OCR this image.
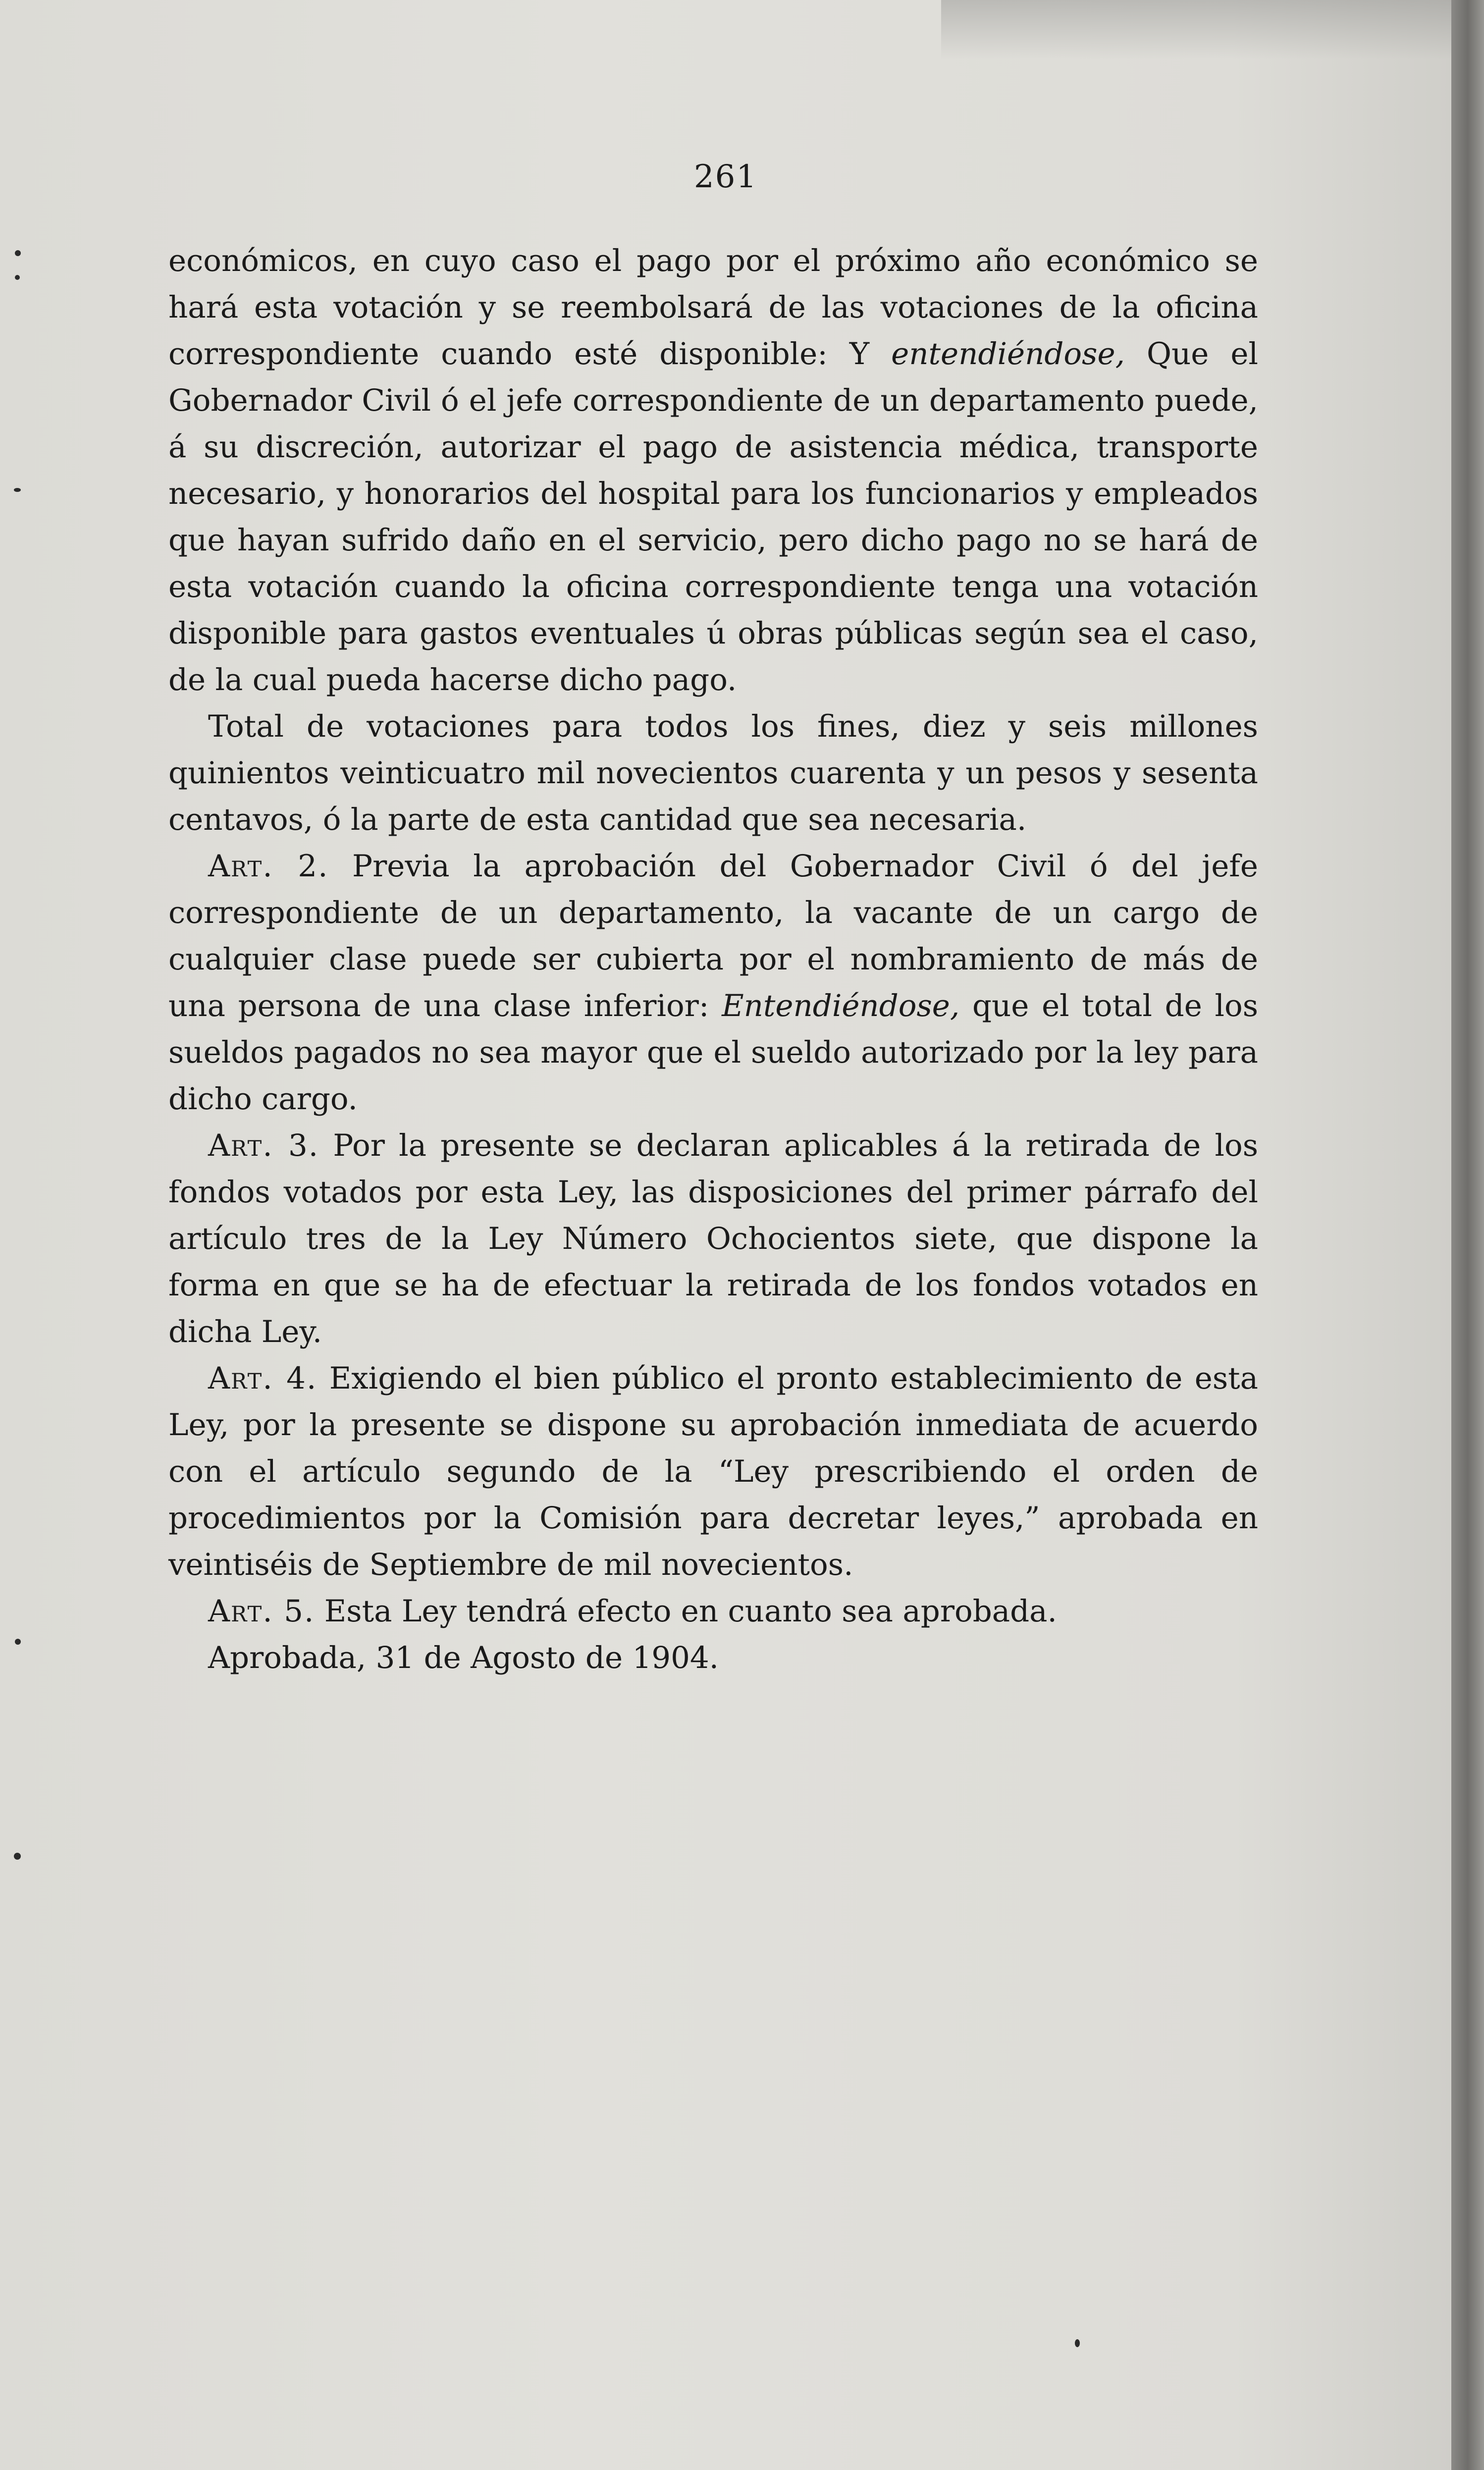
261

económicos, en cuyo caso el pago por el próximo año económico se hará esta votación y se reembolsará de las votaciones de la oficina correspondiente cuando esté disponible: Y entendiéndose, Que el Gobernador Civil ó el jefe correspondiente de un departamento puede, á su discreción, autorizar el pago de asistencia médica, transporte necesario, y honorarios del hospital para los funcionarios y empleados que hayan sufrido daño en el servicio, pero dicho pago no se hará de esta votación cuando la oficina correspondiente tenga una votación disponible para gastos eventuales ú obras públicas según sea el caso, de la cual pueda hacerse dicho pago.

Total de votaciones para todos los fines, diez y seis millones quinientos veinticuatro mil novecientos cuarenta y un pesos y sesenta centavos, ó la parte de esta cantidad que sea necesaria.

Art. 2. Previa la aprobación del Gobernador Civil ó del jefe correspondiente de un departamento, la vacante de un cargo de cualquier clase puede ser cubierta por el nombramiento de más de una persona de una clase inferior: Entendiéndose, que el total de los sueldos pagados no sea mayor que el sueldo autorizado por la ley para dicho cargo.

Art. 3. Por la presente se declaran aplicables á la retirada de los fondos votados por esta Ley, las disposiciones del primer párrafo del artículo tres de la Ley Número Ochocientos siete, que dispone la forma en que se ha de efectuar la retirada de los fondos votados en dicha Ley.

Art. 4. Exigiendo el bien público el pronto establecimiento de esta Ley, por la presente se dispone su aprobación inmediata de acuerdo con el artículo segundo de la “Ley prescribiendo el orden de procedimientos por la Comisión para decretar leyes,” aprobada en veintiséis de Septiembre de mil novecientos.

Art. 5. Esta Ley tendrá efecto en cuanto sea aprobada.

Aprobada, 31 de Agosto de 1904.
